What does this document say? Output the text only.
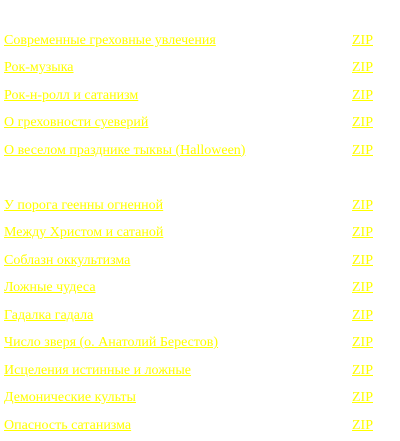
Современные греховные увлечения	ZIP
Рок-музыка	ZIP
Рок-н-ролл и сатанизм	ZIP
О греховности суеверий	ZIP
О веселом празднике тыквы (Halloween)	ZIP
У порога геенны огненной	ZIP
Между Христом и сатаной	ZIP
Соблазн оккультизма	ZIP
Ложные чудеса	ZIP
Гадалка гадала	ZIP
Число зверя (о. Анатолий Берестов)	ZIP
Исцеления истинные и ложные	ZIP
Демонические культы	ZIP
Опасность сатанизма	ZIP
